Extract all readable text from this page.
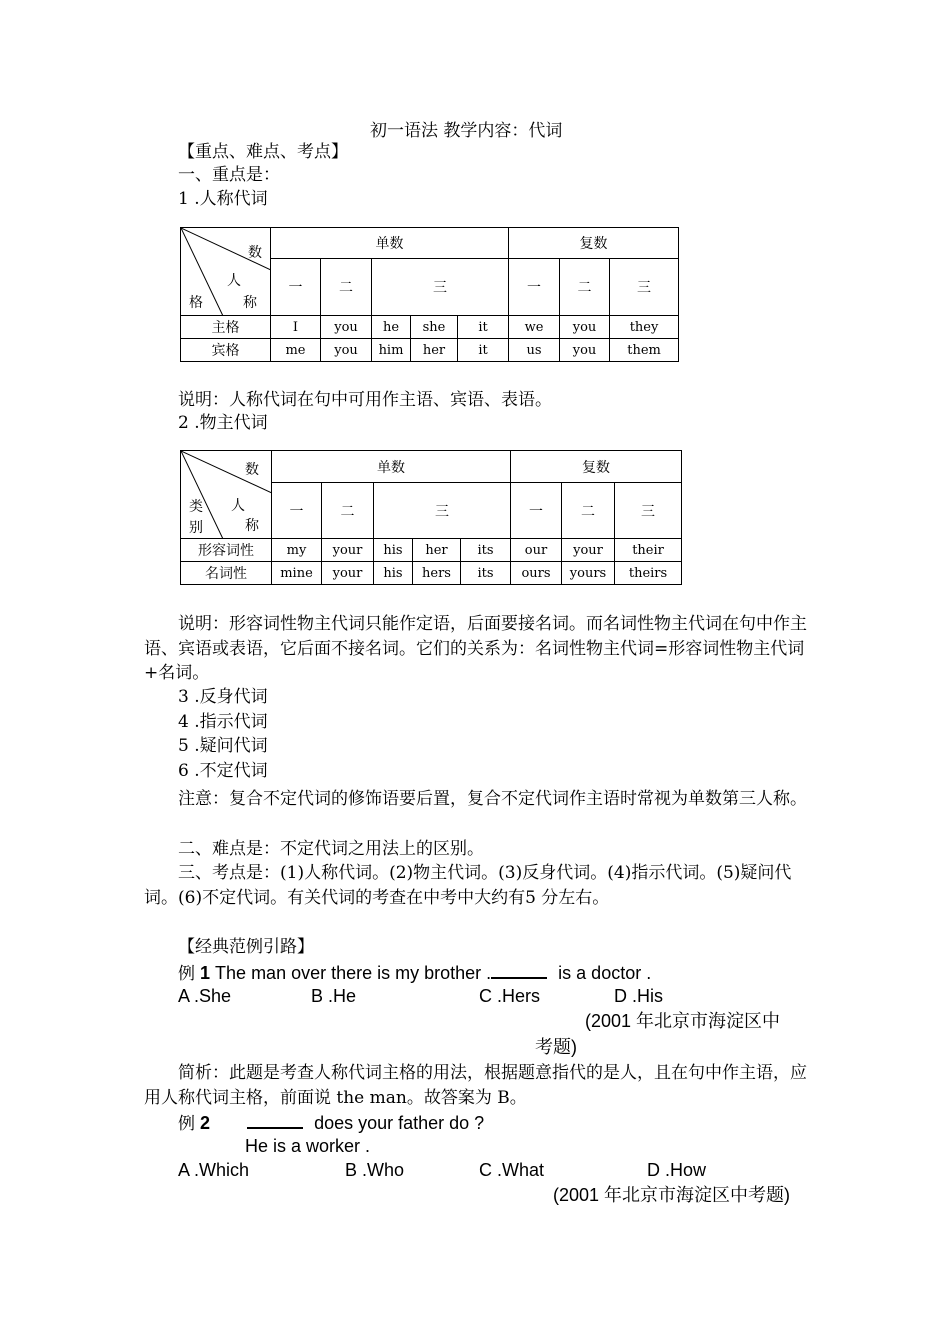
初一语法 教学内容：代词
【重点、难点、考点】
一、重点是：
1 .人称代词
数
人
格 称	单数					复数		
	一	二	三			一	二	三
主格	I	you	he	she	it	we	you	they
宾格	me	you	him	her	it	us	you	them
说明：人称代词在句中可用作主语、宾语、表语。
2 .物主代词
数
人
类
别 称	单数					复数		
	一	二	三			一	二	三
形容词性	my	your	his	her	its	our	your	their
名词性	mine	your	his	hers	its	ours	yours	theirs
说明：形容词性物主代词只能作定语，后面要接名词。而名词性物主代词在句中作主语、宾语或表语，它后面不接名词。它们的关系为：名词性物主代词=形容词性物主代词+名词。
3 .反身代词
4 .指示代词
5 .疑问代词
6 .不定代词
注意：复合不定代词的修饰语要后置，复合不定代词作主语时常视为单数第三人称。
二、难点是：不定代词之用法上的区别。
三、考点是：(1)人称代词。(2)物主代词。(3)反身代词。(4)指示代词。(5)疑问代词。(6)不定代词。有关代词的考查在中考中大约有5 分左右。
【经典范例引路】
例 1 The man over there is my brother .	is a doctor .
A .She	B .He	C .Hers	D .His
(2001 年北京市海淀区中
考题)
简析：此题是考查人称代词主格的用法，根据题意指代的是人，且在句中作主语，应用人称代词主格，前面说 the man。故答案为 B。
例 2	does your father do ?
He is a worker .
A .Which	B .Who	C .What	D .How
(2001 年北京市海淀区中考题)
